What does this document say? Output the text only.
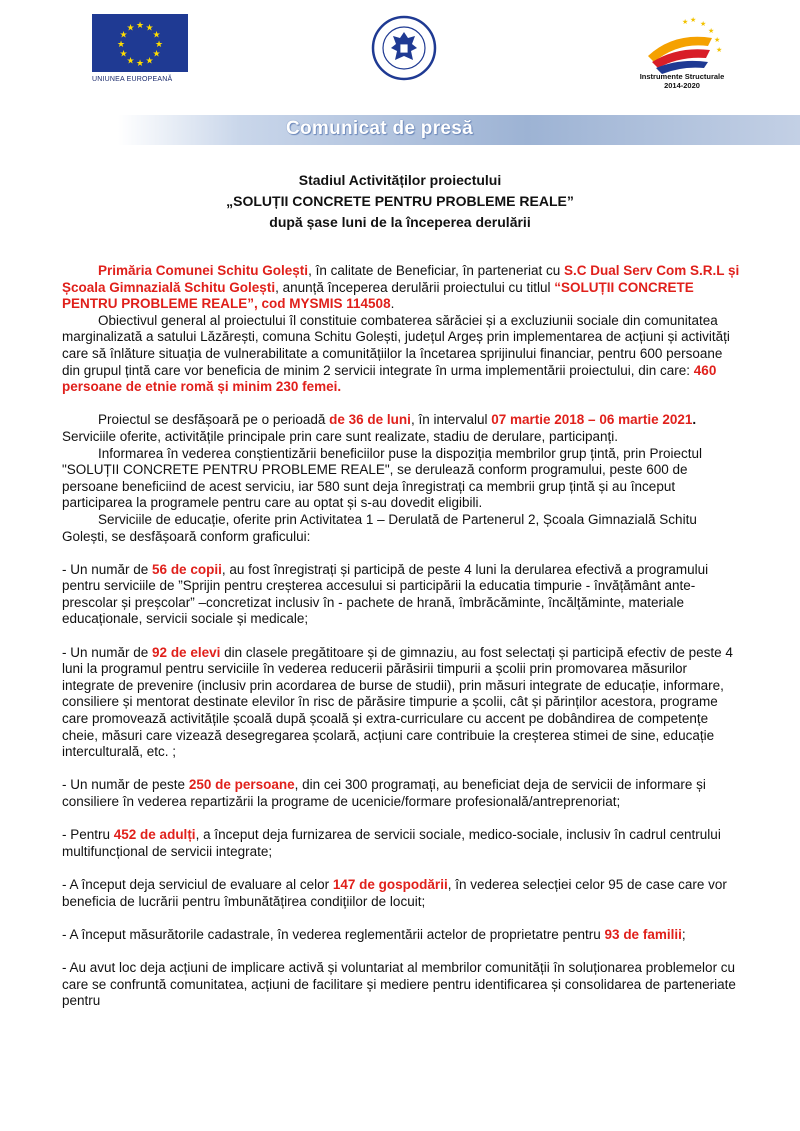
★ ★
★
★
★
★
★
★
★
★
★
★
UNIUNEA EUROPEANĂ
★ ★
★
★
★
★
Instrumente Structurale
2014-2020
Comunicat de presă
Stadiul Activităților proiectului
„SOLUȚII CONCRETE PENTRU PROBLEME REALE”
după șase luni de la începerea derulării

Primăria Comunei Schitu Golești, în calitate de Beneficiar, în parteneriat cu S.C Dual Serv Com S.R.L și Școala Gimnazială Schitu Golești, anunță începerea derulării proiectului cu titlul “SOLUȚII CONCRETE PENTRU PROBLEME REALE”, cod MYSMIS 114508.

Obiectivul general al proiectului îl constituie combaterea sărăciei și a excluziunii sociale din comunitatea marginalizată a satului Lăzărești, comuna Schitu Golești, județul Argeș prin implementarea de acțiuni și activități care să înlăture situația de vulnerabilitate a comunitățiilor la încetarea sprijinului financiar, pentru 600 persoane din grupul țintă care vor beneficia de minim 2 servicii integrate în urma implementării proiectului, din care: 460 persoane de etnie romă și minim 230 femei.

Proiectul se desfășoară pe o perioadă de 36 de luni, în intervalul 07 martie 2018 – 06 martie 2021.

Serviciile oferite, activitățile principale prin care sunt realizate, stadiu de derulare, participanți.

Informarea în vederea conștientizării beneficiilor puse la dispoziția membrilor grup țintă, prin Proiectul "SOLUȚII CONCRETE PENTRU PROBLEME REALE", se derulează conform programului, peste 600 de persoane beneficiind de acest serviciu, iar 580 sunt deja înregistrați ca membrii grup țintă și au început participarea la programele pentru care au optat și s-au dovedit eligibili.

Serviciile de educație, oferite prin Activitatea 1 – Derulată de Partenerul 2, Școala Gimnazială Schitu Golești, se desfășoară conform graficului:

- Un număr de 56 de copii, au fost înregistrați și participă de peste 4 luni la derularea efectivă a programului pentru serviciile de ”Sprijin pentru creșterea accesului si participării la educatia timpurie - învățământ ante-prescolar și preșcolar” –concretizat inclusiv în - pachete de hrană, îmbrăcăminte, încălțăminte, materiale educaționale, servicii sociale și medicale;

- Un număr de 92 de elevi din clasele pregătitoare și de gimnaziu, au fost selectați și participă efectiv de peste 4 luni la programul pentru serviciile în vederea reducerii părăsirii timpurii a școlii prin promovarea măsurilor integrate de prevenire (inclusiv prin acordarea de burse de studii), prin măsuri integrate de educație, informare, consiliere și mentorat destinate elevilor în risc de părăsire timpurie a școlii, cât și părinților acestora, programe care promovează activitățile școală după școală și extra-curriculare cu accent pe dobândirea de competențe cheie, măsuri care vizează desegregarea școlară, acțiuni care contribuie la creșterea stimei de sine, educație interculturală, etc. ;

- Un număr de peste 250 de persoane, din cei 300 programați, au beneficiat deja de servicii de informare și consiliere în vederea repartizării la programe de ucenicie/formare profesională/antreprenoriat;

- Pentru 452 de adulți, a început deja furnizarea de servicii sociale, medico-sociale, inclusiv în cadrul centrului multifuncțional de servicii integrate;

- A început deja serviciul de evaluare al celor 147 de gospodării, în vederea selecției celor 95 de case care vor beneficia de lucrării pentru îmbunătățirea condițiilor de locuit;

- A început măsurătorile cadastrale, în vederea reglementării actelor de proprietatre pentru 93 de familii;

- Au avut loc deja acțiuni de implicare activă și voluntariat al membrilor comunității în soluționarea problemelor cu care se confruntă comunitatea, acțiuni de facilitare și mediere pentru identificarea și consolidarea de parteneriate pentru
